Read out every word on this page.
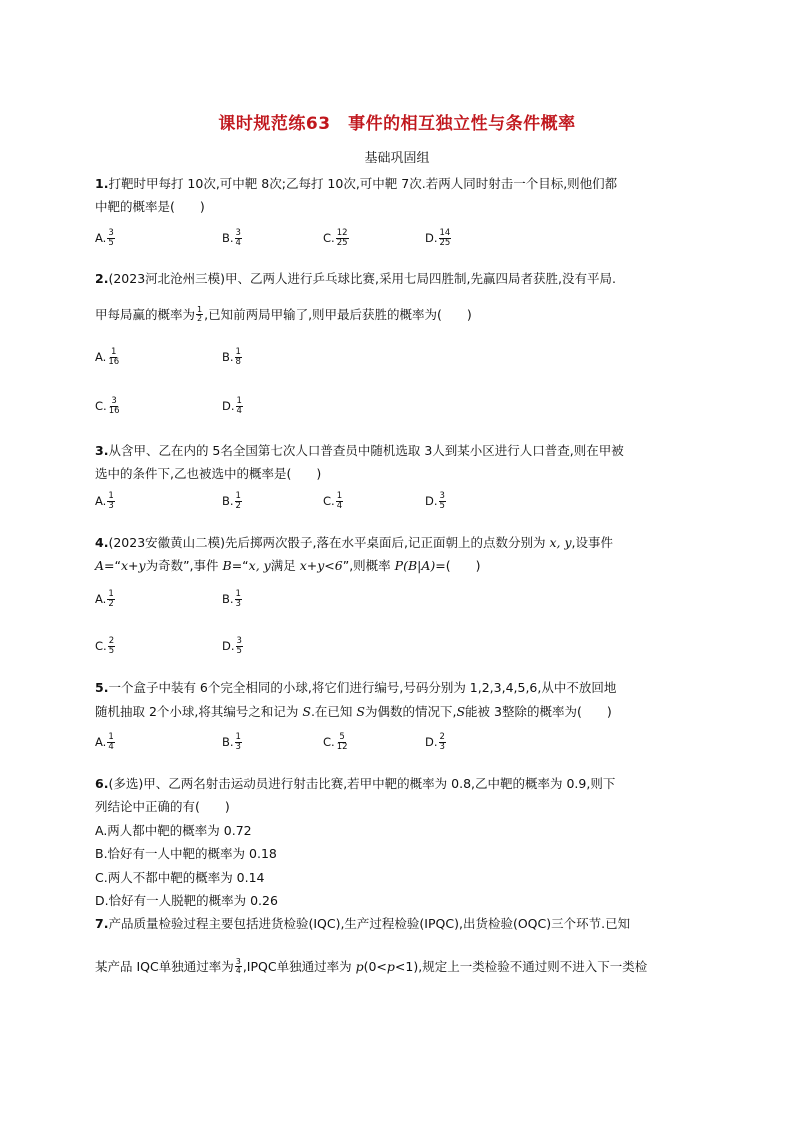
课时规范练63　事件的相互独立性与条件概率
基础巩固组
1.打靶时甲每打 10次,可中靶 8次;乙每打 10次,可中靶 7次.若两人同时射击一个目标,则他们都
中靶的概率是(　　)
A. $\frac{3}{5}$	B. $\frac{3}{4}$	C. $\frac{12}{25}$	D. $\frac{14}{25}$
2.(2023河北沧州三模)甲、乙两人进行乒乓球比赛,采用七局四胜制,先赢四局者获胜,没有平局.
甲每局赢的概率为 $\frac{1}{2}$ ,已知前两局甲输了,则甲最后获胜的概率为(　　)
A. $\frac{1}{16}$	B. $\frac{1}{8}$
C. $\frac{3}{16}$	D. $\frac{1}{4}$
3.从含甲、乙在内的 5名全国第七次人口普查员中随机选取 3人到某小区进行人口普查,则在甲被
选中的条件下,乙也被选中的概率是(　　)
A. $\frac{1}{3}$	B. $\frac{1}{2}$	C. $\frac{1}{4}$	D. $\frac{3}{5}$
4.(2023安徽黄山二模)先后掷两次骰子,落在水平桌面后,记正面朝上的点数分别为 x, y,设事件
A=“x+y为奇数”,事件 B=“x, y满足 x+y<6”,则概率 P(B|A)=(　　)
A. $\frac{1}{2}$	B. $\frac{1}{3}$
C. $\frac{2}{5}$	D. $\frac{3}{5}$
5.一个盒子中装有 6个完全相同的小球,将它们进行编号,号码分别为 1,2,3,4,5,6,从中不放回地
随机抽取 2个小球,将其编号之和记为 S.在已知 S为偶数的情况下,S能被 3整除的概率为(　　)
A. $\frac{1}{4}$	B. $\frac{1}{3}$	C. $\frac{5}{12}$	D. $\frac{2}{3}$
6.(多选)甲、乙两名射击运动员进行射击比赛,若甲中靶的概率为 0.8,乙中靶的概率为 0.9,则下
列结论中正确的有(　　)
A.两人都中靶的概率为 0.72
B.恰好有一人中靶的概率为 0.18
C.两人不都中靶的概率为 0.14
D.恰好有一人脱靶的概率为 0.26
7.产品质量检验过程主要包括进货检验(IQC),生产过程检验(IPQC),出货检验(OQC)三个环节.已知
某产品 IQC单独通过率为 $\frac{3}{4}$ ,IPQC单独通过率为 p(0<p<1),规定上一类检验不通过则不进入下一类检
